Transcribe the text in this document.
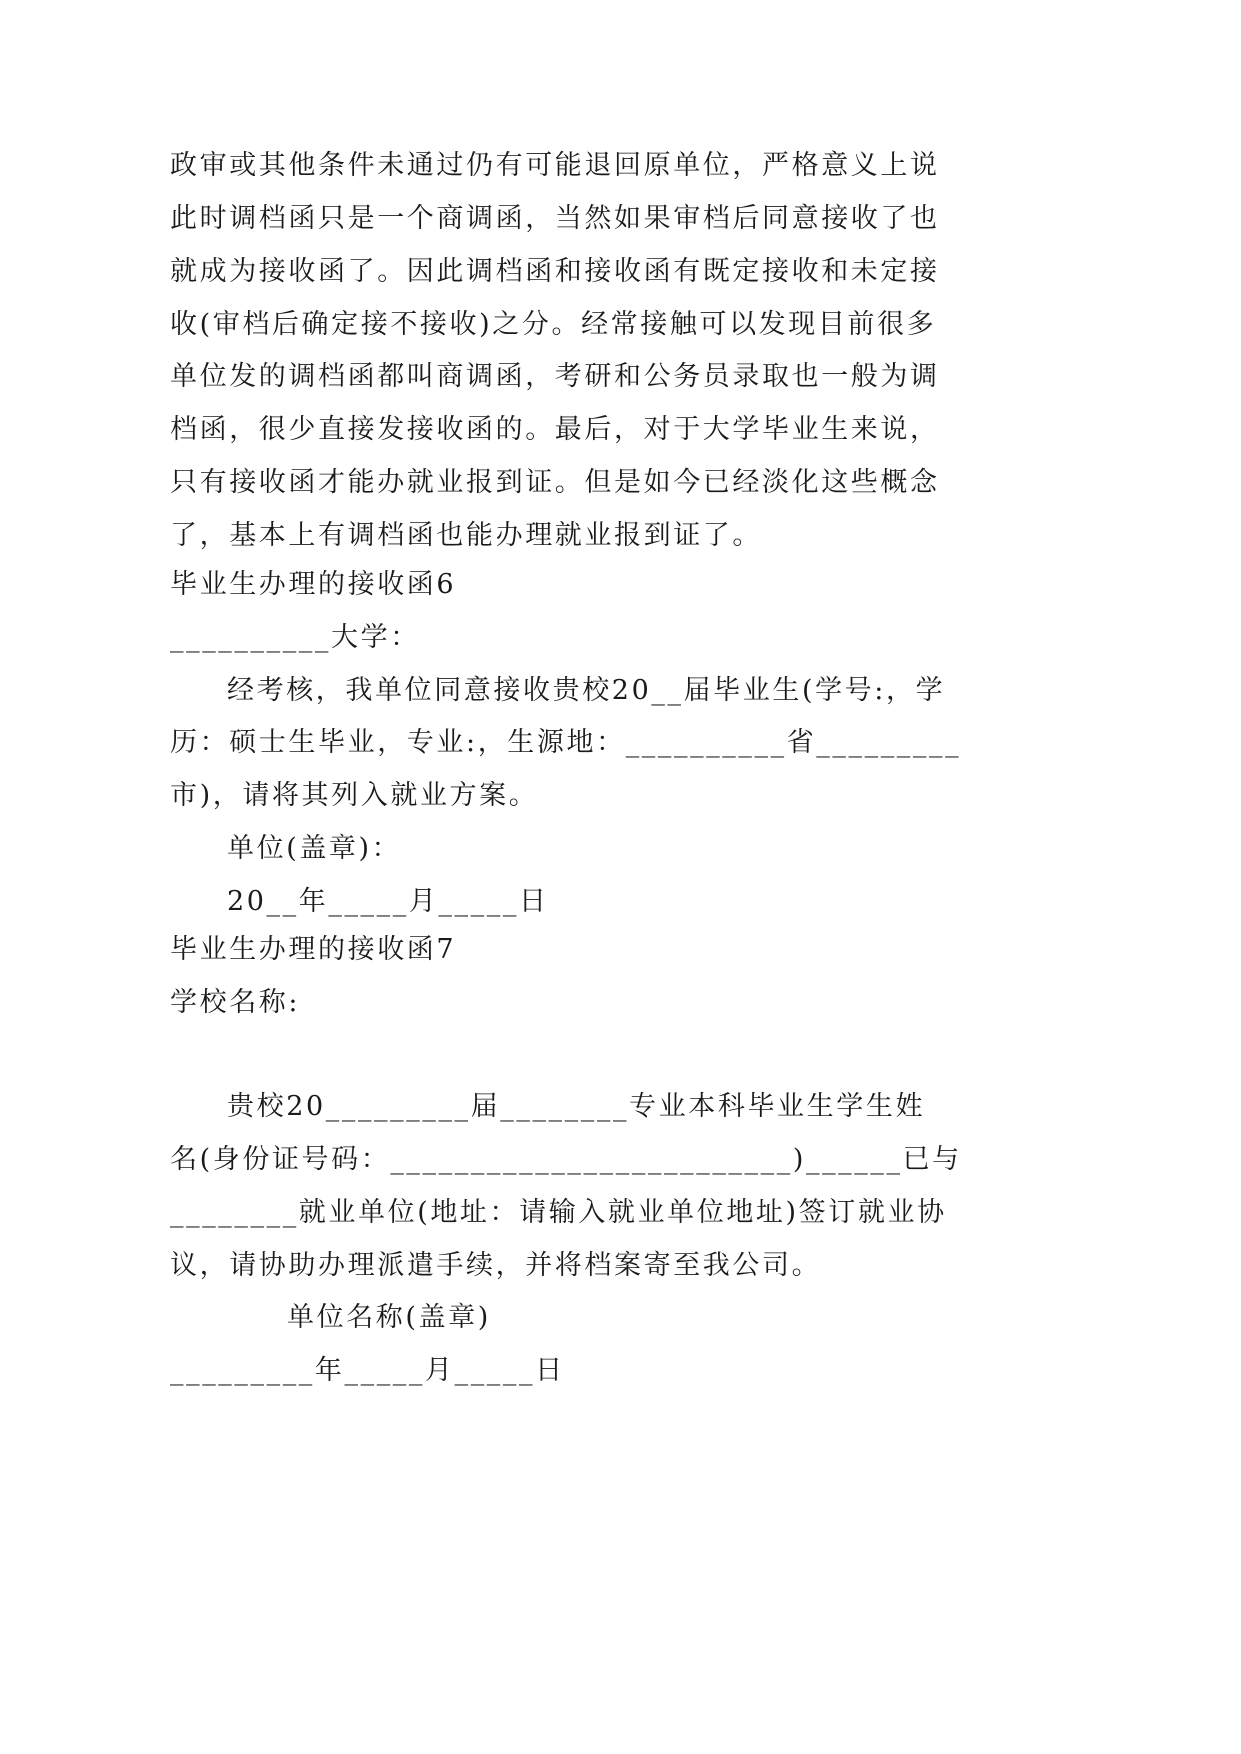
政审或其他条件未通过仍有可能退回原单位，严格意义上说
此时调档函只是一个商调函，当然如果审档后同意接收了也
就成为接收函了。因此调档函和接收函有既定接收和未定接
收(审档后确定接不接收)之分。经常接触可以发现目前很多
单位发的调档函都叫商调函，考研和公务员录取也一般为调
档函，很少直接发接收函的。最后，对于大学毕业生来说，
只有接收函才能办就业报到证。但是如今已经淡化这些概念
了，基本上有调档函也能办理就业报到证了。
毕业生办理的接收函6
__________大学：
经考核，我单位同意接收贵校20__届毕业生(学号:，学
历：硕士生毕业，专业:，生源地：__________省_________
市)，请将其列入就业方案。
单位(盖章)：
20__年_____月_____日
毕业生办理的接收函7
学校名称:
贵校20_________届________专业本科毕业生学生姓
名(身份证号码：_________________________)______已与
________就业单位(地址：请输入就业单位地址)签订就业协
议，请协助办理派遣手续，并将档案寄至我公司。
单位名称(盖章)
_________年_____月_____日
